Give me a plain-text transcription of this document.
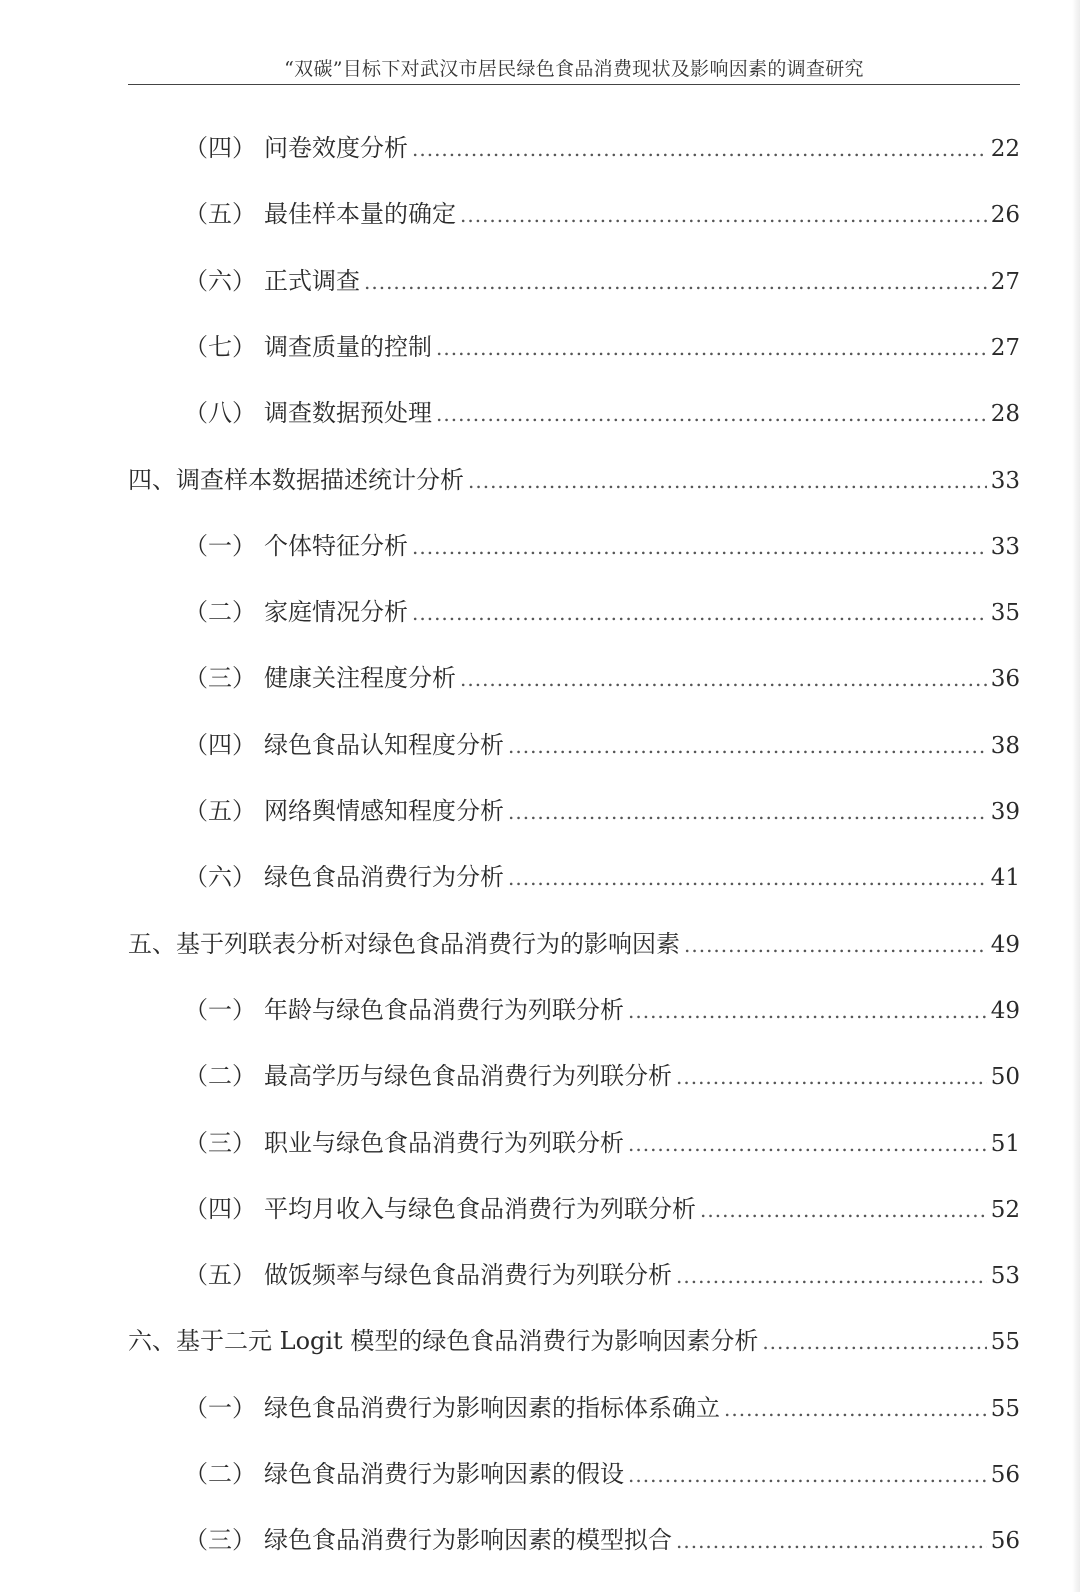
“双碳”目标下对武汉市居民绿色食品消费现状及影响因素的调查研究
（四） 问卷效度分析 .....	22
（五） 最佳样本量的确定 .....	26
（六） 正式调查 .....	27
（七） 调查质量的控制 .....	27
（八） 调查数据预处理 .....	28
四、 调查样本数据描述统计分析 .....	33
（一） 个体特征分析 .....	33
（二） 家庭情况分析 .....	35
（三） 健康关注程度分析 .....	36
（四） 绿色食品认知程度分析 .....	38
（五） 网络舆情感知程度分析 .....	39
（六） 绿色食品消费行为分析 .....	41
五、 基于列联表分析对绿色食品消费行为的影响因素 .....	49
（一） 年龄与绿色食品消费行为列联分析 .....	49
（二） 最高学历与绿色食品消费行为列联分析 .....	50
（三） 职业与绿色食品消费行为列联分析 .....	51
（四） 平均月收入与绿色食品消费行为列联分析 .....	52
（五） 做饭频率与绿色食品消费行为列联分析 .....	53
六、 基于二元 Logit 模型的绿色食品消费行为影响因素分析 .....	55
（一） 绿色食品消费行为影响因素的指标体系确立 .....	55
（二） 绿色食品消费行为影响因素的假设 .....	56
（三） 绿色食品消费行为影响因素的模型拟合 .....	56
